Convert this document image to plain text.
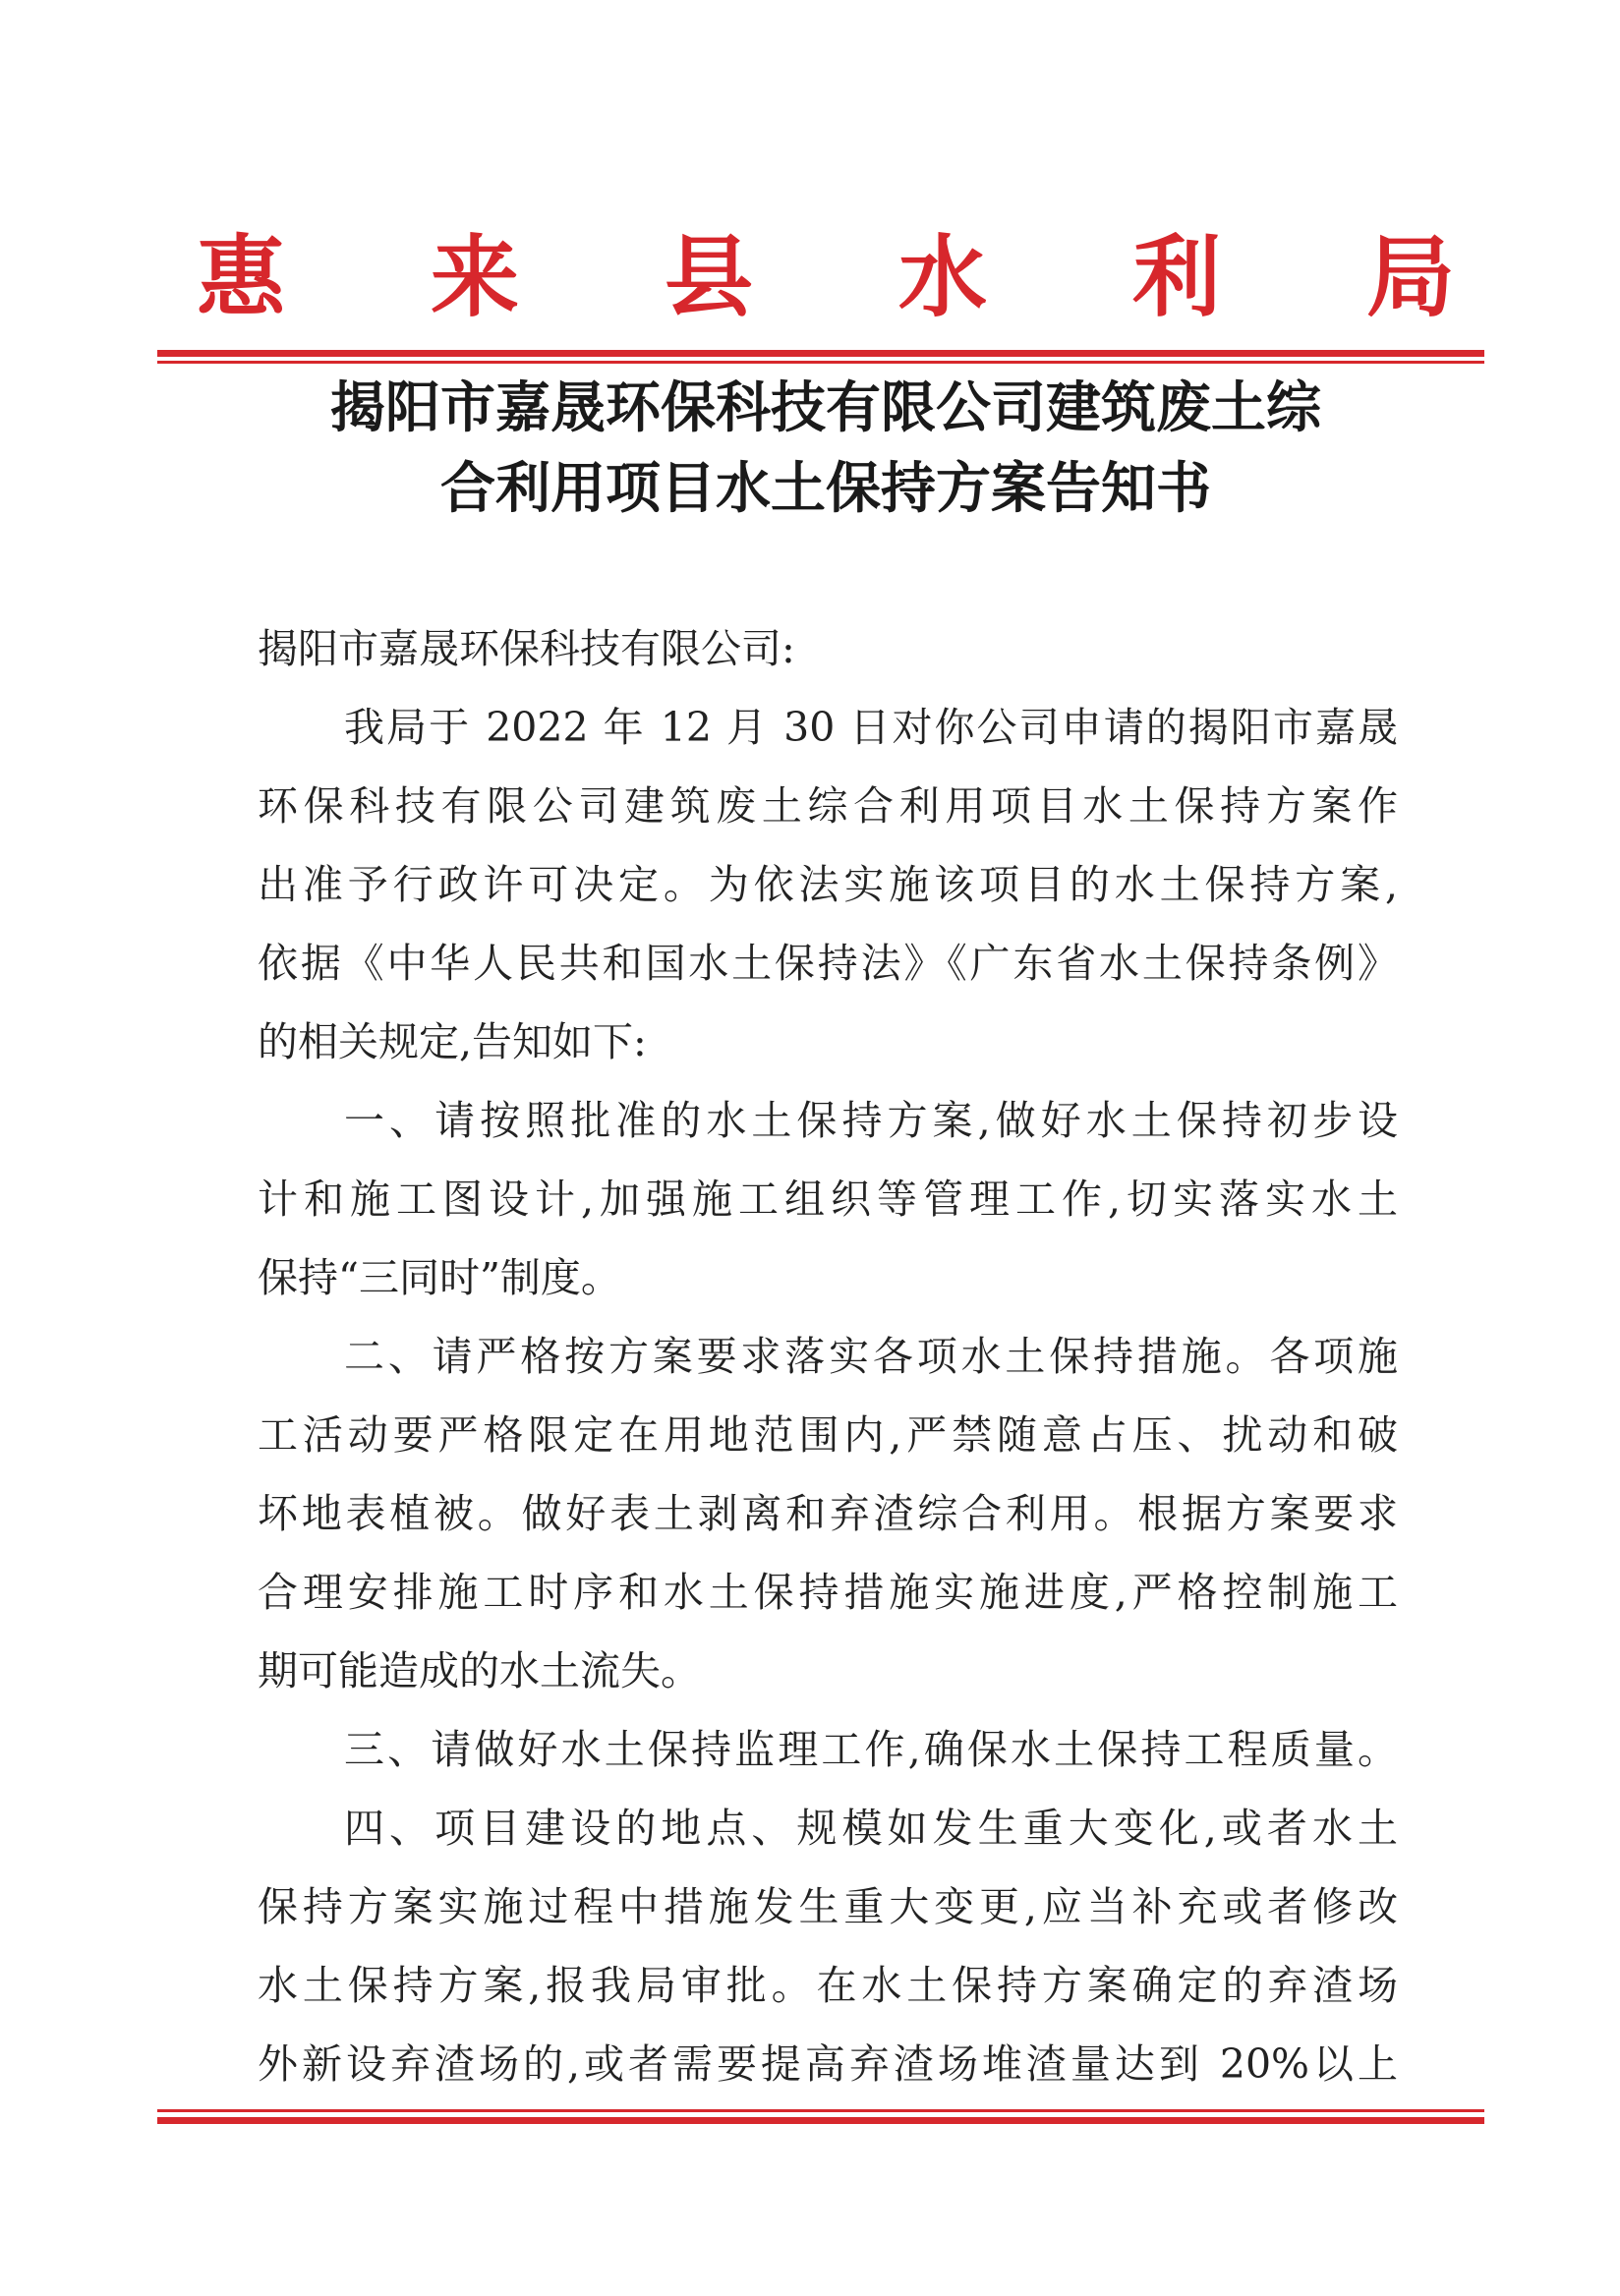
惠 来 县 水 利 局
揭阳市嘉晟环保科技有限公司建筑废土综
合利用项目水土保持方案告知书
揭阳市嘉晟环保科技有限公司:
我局于 2022 年 12 月 30 日对你公司申请的揭阳市嘉晟
环保科技有限公司建筑废土综合利用项目水土保持方案作
出准予行政许可决定。为依法实施该项目的水土保持方案,
依据《中华人民共和国水土保持法》《广东省水土保持条例》
的相关规定,告知如下:
一、请按照批准的水土保持方案,做好水土保持初步设
计和施工图设计,加强施工组织等管理工作,切实落实水土
保持“三同时”制度。
二、请严格按方案要求落实各项水土保持措施。各项施
工活动要严格限定在用地范围内,严禁随意占压、扰动和破
坏地表植被。做好表土剥离和弃渣综合利用。根据方案要求
合理安排施工时序和水土保持措施实施进度,严格控制施工
期可能造成的水土流失。
三、请做好水土保持监理工作,确保水土保持工程质量。
四、项目建设的地点、规模如发生重大变化,或者水土
保持方案实施过程中措施发生重大变更,应当补充或者修改
水土保持方案,报我局审批。在水土保持方案确定的弃渣场
外新设弃渣场的,或者需要提高弃渣场堆渣量达到 20%以上
